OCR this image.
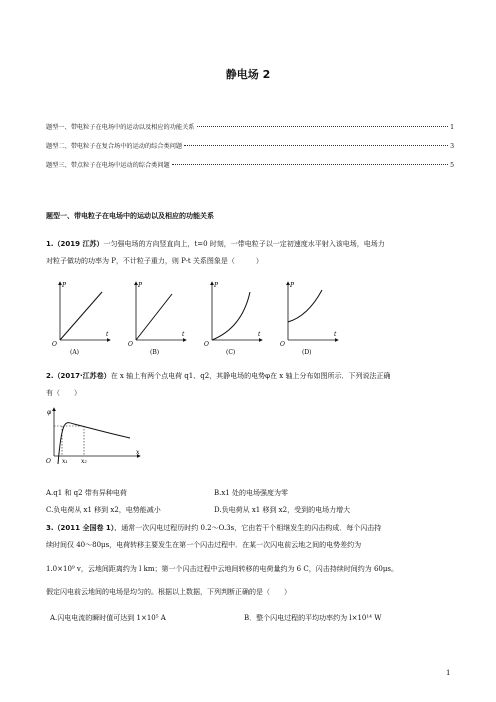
静电场 2
题型一、带电粒子在电场中的运动以及相应的功能关系	1
题型二、带电粒子在复合场中的运动的综合类问题	3
题型三、带点粒子在电场中运动的综合类问题	5
题型一、带电粒子在电场中的运动以及相应的功能关系
1.（2019 江苏）一匀强电场的方向竖直向上，t=0 时刻，一带电粒子以一定初速度水平射入该电场，电场力
对粒子做功的功率为 P，不计粒子重力，则 P-t 关系图象是（　　　）
P
t
O
(A)
P
t
O
(B)
P
t
O
(C)
P
t
O
(D)
2.（2017·江苏卷）在 x 轴上有两个点电荷 q1、q2，其静电场的电势φ在 x 轴上分布如图所示．下列说法正确
有（　　）
φ
x
O x₁ x₂
A.q1 和 q2 带有异种电荷	B.x1 处的电场强度为零
C.负电荷从 x1 移到 x2，电势能减小	D.负电荷从 x1 移到 x2，受到的电场力增大
3.（2011 全国卷 1）．通常一次闪电过程历时约 0.2～O.3s，它由若干个相继发生的闪击构成．每个闪击持
续时间仅 40～80μs，电荷转移主要发生在第一个闪击过程中．在某一次闪电前云地之间的电势差约为
1.0×10⁹ v，云地间距离约为 l km；第一个闪击过程中云地间转移的电荷量约为 6 C，闪击持续时间约为 60μs。
假定闪电前云地间的电场是均匀的。根据以上数据，下列判断正确的是（　　）
A.闪电电流的瞬时值可达到 1×10⁵ A	B．整个闪电过程的平均功率约为 l×10¹⁴ W
1
